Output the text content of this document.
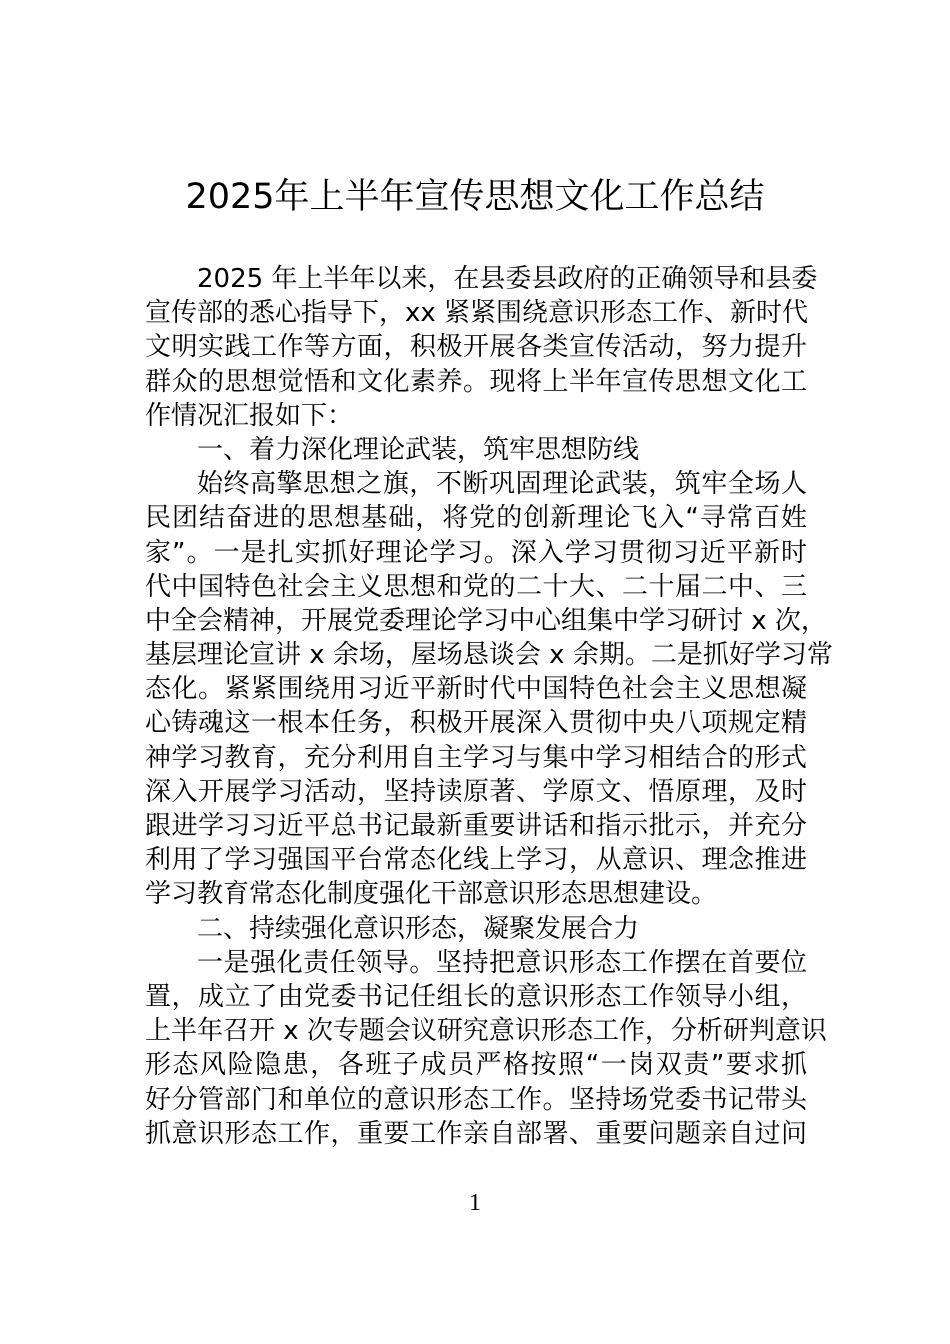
2025年上半年宣传思想文化工作总结
2025 年上半年以来，在县委县政府的正确领导和县委
宣传部的悉心指导下，xx 紧紧围绕意识形态工作、新时代
文明实践工作等方面，积极开展各类宣传活动，努力提升
群众的思想觉悟和文化素养。现将上半年宣传思想文化工
作情况汇报如下：
一、着力深化理论武装，筑牢思想防线
始终高擎思想之旗，不断巩固理论武装，筑牢全场人
民团结奋进的思想基础，将党的创新理论飞入“寻常百姓
家”。一是扎实抓好理论学习。深入学习贯彻习近平新时
代中国特色社会主义思想和党的二十大、二十届二中、三
中全会精神，开展党委理论学习中心组集中学习研讨 x 次，
基层理论宣讲 x 余场，屋场恳谈会 x 余期。二是抓好学习常
态化。紧紧围绕用习近平新时代中国特色社会主义思想凝
心铸魂这一根本任务，积极开展深入贯彻中央八项规定精
神学习教育，充分利用自主学习与集中学习相结合的形式
深入开展学习活动，坚持读原著、学原文、悟原理，及时
跟进学习习近平总书记最新重要讲话和指示批示，并充分
利用了学习强国平台常态化线上学习，从意识、理念推进
学习教育常态化制度强化干部意识形态思想建设。
二、持续强化意识形态，凝聚发展合力
一是强化责任领导。坚持把意识形态工作摆在首要位
置，成立了由党委书记任组长的意识形态工作领导小组，
上半年召开 x 次专题会议研究意识形态工作，分析研判意识
形态风险隐患，各班子成员严格按照“一岗双责”要求抓
好分管部门和单位的意识形态工作。坚持场党委书记带头
抓意识形态工作，重要工作亲自部署、重要问题亲自过问
1
